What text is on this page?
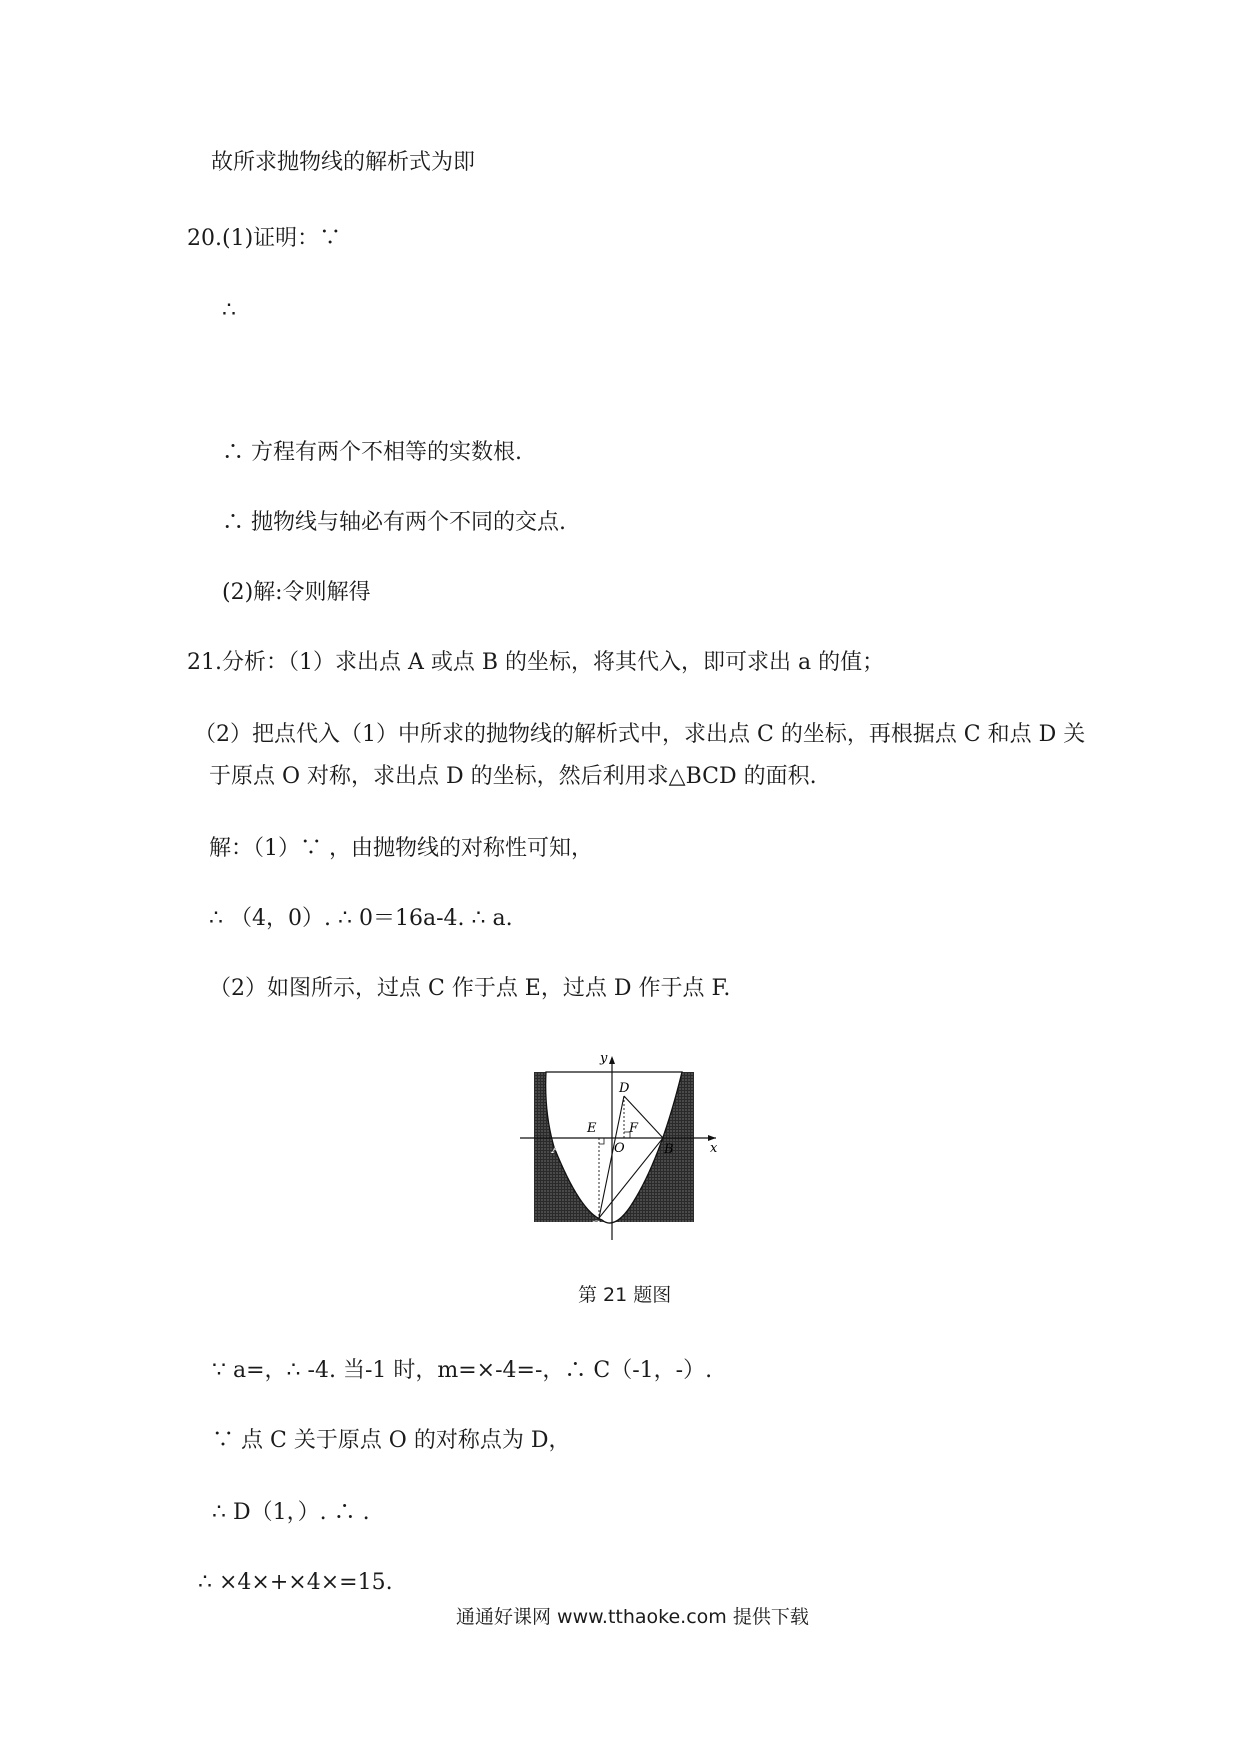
故所求抛物线的解析式为即
20.(1)证明：∵
∴
∴ 方程有两个不相等的实数根.
∴ 抛物线与轴必有两个不同的交点.
(2)解:令则解得
21.分析：（1）求出点 A 或点 B 的坐标，将其代入，即可求出 a 的值；
（2）把点代入（1）中所求的抛物线的解析式中，求出点 C 的坐标，再根据点 C 和点 D 关
于原点 O 对称，求出点 D 的坐标，然后利用求△BCD 的面积.
解：（1）∵ ，由抛物线的对称性可知，
∴ （4，0）. ∴ 0＝16a-4. ∴ a.
（2）如图所示，过点 C 作于点 E，过点 D 作于点 F.
y
x
D
E	F
O
A	B
C
第 21 题图
∵ a=，∴ -4. 当-1 时，m=×-4=-，∴ C（-1，-）.
∵ 点 C 关于原点 O 的对称点为 D，
∴ D（1，）. ∴ .
∴ ×4×+×4×=15.
通通好课网 www.tthaoke.com 提供下载
